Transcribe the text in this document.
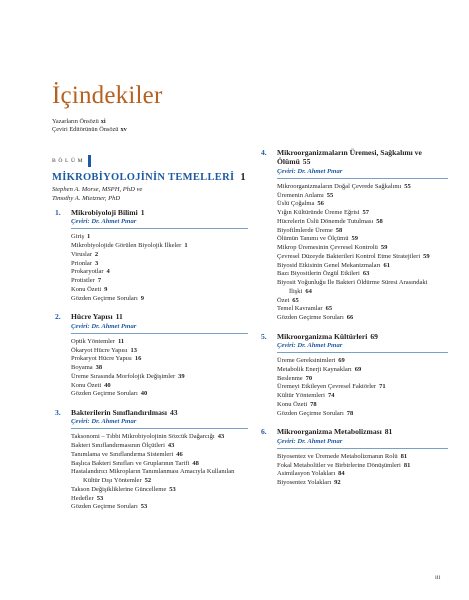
İçindekiler
Yazarların Önsözü xi
Çeviri Editörünün Önsözü xv
BÖLÜM
MİKROBİYOLOJİNİN TEMELLERİ 1
Stephen A. Morse, MSPH, PhD ve
Timothy A. Mietzner, PhD
1. Mikrobiyoloji Bilimi 1
Çeviri: Dr. Ahmet Pınar
Giriş 1
Mikrobiyolojide Görülen Biyolojik İlkeler 1
Viruslar 2
Prionlar 3
Prokaryotlar 4
Protistler 7
Konu Özeti 9
Gözden Geçirme Soruları 9
2. Hücre Yapısı 11
Çeviri: Dr. Ahmet Pınar
Optik Yöntemler 11
Ökaryot Hücre Yapısı 13
Prokaryot Hücre Yapısı 16
Boyama 38
Üreme Sırasında Morfolojik Değişimler 39
Konu Özeti 40
Gözden Geçirme Soruları 40
3. Bakterilerin Sınıflandırılması 43
Çeviri: Dr. Ahmet Pınar
Taksonomi – Tıbbi Mikrobiyolojinin Sözcük Dağarcığı 43
Bakteri Sınıflandırmasının Ölçütleri 43
Tanımlama ve Sınıflandırma Sistemleri 46
Başlıca Bakteri Sınıfları ve Gruplarının Tarifi 48
Hastalandırıcı Mikropların Tanımlanması Amacıyla Kullanılan Kültür Dışı Yöntemler 52
Takson Değişikliklerine Güncelleme 53
Hedefler 53
Gözden Geçirme Soruları 53
4. Mikroorganizmaların Üremesi, Sağkalımı ve Ölümü 55
Çeviri: Dr. Ahmet Pınar
Mikroorganizmaların Doğal Çevrede Sağkalımı 55
Üremenin Anlamı 55
Üslü Çoğalma 56
Yığın Kültüründe Üreme Eğrisi 57
Hücrelerin Üslü Dönemde Tutulması 58
Biyofilmlerde Üreme 58
Ölümün Tanımı ve Ölçümü 59
Mikrop Üremesinin Çevresel Kontrolü 59
Çevresel Düzeyde Bakterileri Kontrol Etme Stratejileri 59
Biyosid Etkisinin Genel Mekanizmaları 61
Bazı Biyositlerin Özgül Etkileri 63
Biyosit Yoğunluğu İle Bakteri Öldürme Süresi Arasındaki İlişki 64
Özet 65
Temel Kavramlar 65
Gözden Geçirme Soruları 66
5. Mikroorganizma Kültürleri 69
Çeviri: Dr. Ahmet Pınar
Üreme Gereksinimleri 69
Metabolik Enerji Kaynakları 69
Beslenme 70
Üremeyi Etkileyen Çevresel Faktörler 71
Kültür Yöntemleri 74
Konu Özeti 78
Gözden Geçirme Soruları 78
6. Mikroorganizma Metabolizması 81
Çeviri: Dr. Ahmet Pınar
Biyosentez ve Üremede Metabolizmanın Rolü 81
Fokal Metabolitler ve Birbirlerine Dönüşümleri 81
Asimilasyon Yolakları 84
Biyosentez Yolakları 92
iii
